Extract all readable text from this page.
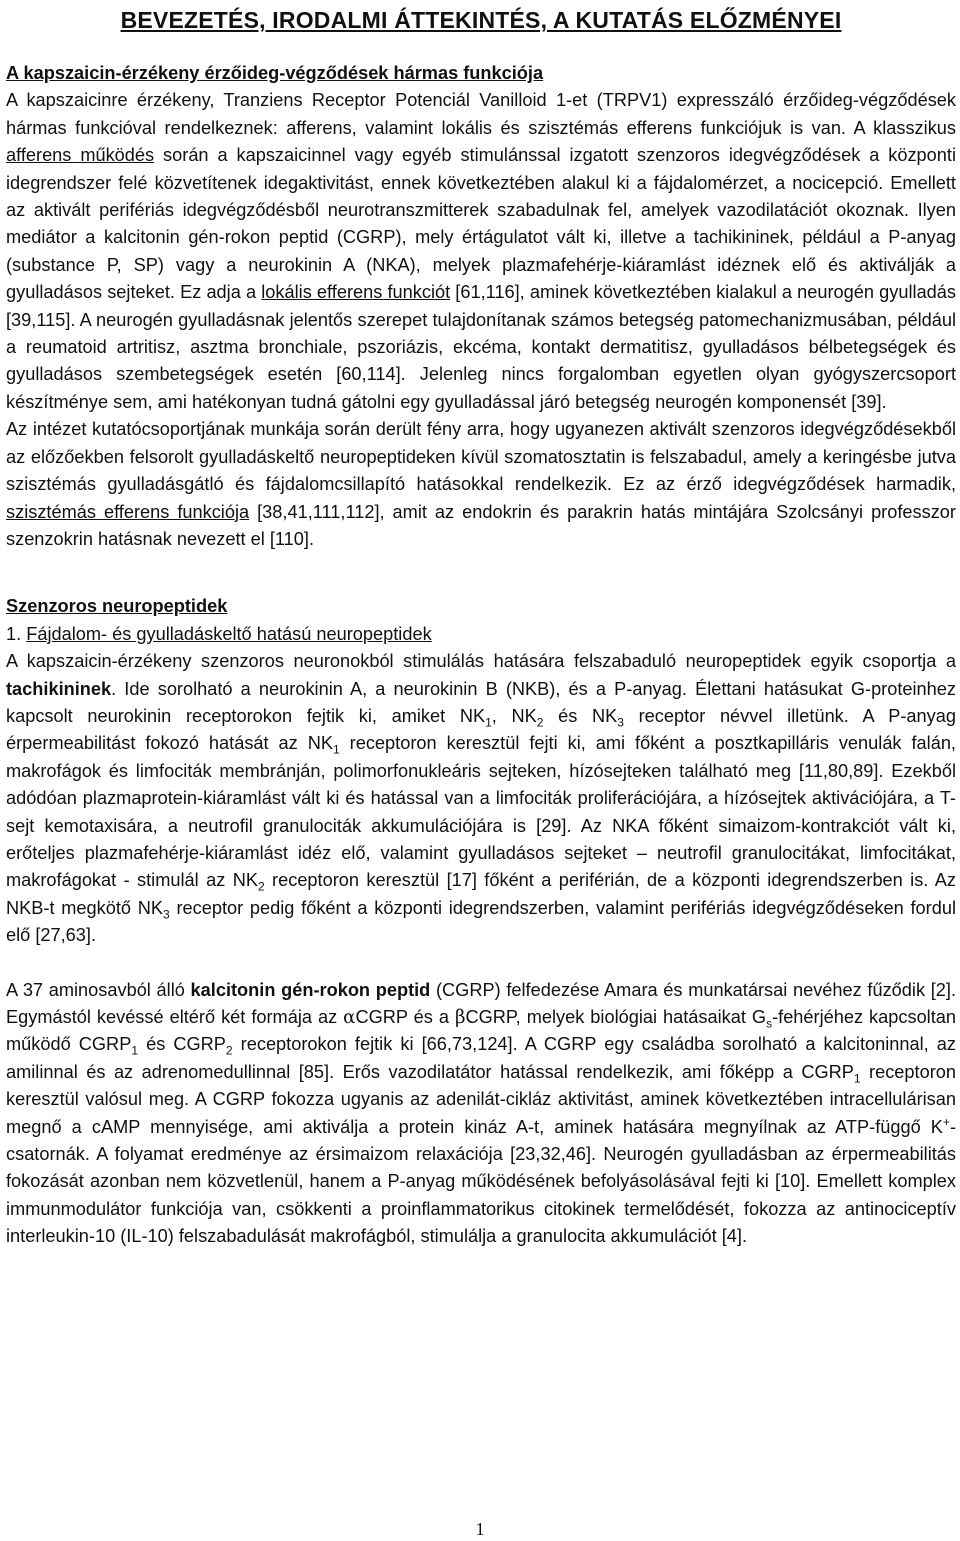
BEVEZETÉS, IRODALMI ÁTTEKINTÉS, A KUTATÁS ELŐZMÉNYEI
A kapszaicin-érzékeny érzőideg-végződések hármas funkciója

A kapszaicinre érzékeny, Tranziens Receptor Potenciál Vanilloid 1-et (TRPV1) expresszáló érzőideg-végződések hármas funkcióval rendelkeznek: afferens, valamint lokális és szisztémás efferens funkciójuk is van. A klasszikus afferens működés során a kapszaicinnel vagy egyéb stimulánssal izgatott szenzoros idegvégződések a központi idegrendszer felé közvetítenek idegaktivitást, ennek következtében alakul ki a fájdalomérzet, a nocicepció. Emellett az aktivált perifériás idegvégződésből neurotranszmitterek szabadulnak fel, amelyek vazodilatációt okoznak. Ilyen mediátor a kalcitonin gén-rokon peptid (CGRP), mely értágulatot vált ki, illetve a tachikininek, például a P-anyag (substance P, SP) vagy a neurokinin A (NKA), melyek plazmafehérje-kiáramlást idéznek elő és aktiválják a gyulladásos sejteket. Ez adja a lokális efferens funkciót [61,116], aminek következtében kialakul a neurogén gyulladás [39,115]. A neurogén gyulladásnak jelentős szerepet tulajdonítanak számos betegség patomechanizmusában, például a reumatoid artritisz, asztma bronchiale, pszoriázis, ekcéma, kontakt dermatitisz, gyulladásos bélbetegségek és gyulladásos szembetegségek esetén [60,114]. Jelenleg nincs forgalomban egyetlen olyan gyógyszercsoport készítménye sem, ami hatékonyan tudná gátolni egy gyulladással járó betegség neurogén komponensét [39].

Az intézet kutatócsoportjának munkája során derült fény arra, hogy ugyanezen aktivált szenzoros idegvégződésekből az előzőekben felsorolt gyulladáskeltő neuropeptideken kívül szomatosztatin is felszabadul, amely a keringésbe jutva szisztémás gyulladásgátló és fájdalomcsillapító hatásokkal rendelkezik. Ez az érző idegvégződések harmadik, szisztémás efferens funkciója [38,41,111,112], amit az endokrin és parakrin hatás mintájára Szolcsányi professzor szenzokrin hatásnak nevezett el [110].

Szenzoros neuropeptidek
1. Fájdalom- és gyulladáskeltő hatású neuropeptidek

A kapszaicin-érzékeny szenzoros neuronokból stimulálás hatására felszabaduló neuropeptidek egyik csoportja a tachikininek. Ide sorolható a neurokinin A, a neurokinin B (NKB), és a P-anyag. Élettani hatásukat G-proteinhez kapcsolt neurokinin receptorokon fejtik ki, amiket $NK_1$, $NK_2$ és $NK_3$ receptor névvel illetünk. A P-anyag érpermeabilitást fokozó hatását az $NK_1$ receptoron keresztül fejti ki, ami főként a posztkapilláris venulák falán, makrofágok és limfociták membránján, polimorfonukleáris sejteken, hízósejteken található meg [11,80,89]. Ezekből adódóan plazmaprotein-kiáramlást vált ki és hatással van a limfociták proliferációjára, a hízósejtek aktivációjára, a T-sejt kemotaxisára, a neutrofil granulociták akkumulációjára is [29]. Az NKA főként simaizom-kontrakciót vált ki, erőteljes plazmafehérje-kiáramlást idéz elő, valamint gyulladásos sejteket – neutrofil granulocitákat, limfocitákat, makrofágokat - stimulál az $NK_2$ receptoron keresztül [17] főként a periférián, de a központi idegrendszerben is. Az NKB-t megkötő $NK_3$ receptor pedig főként a központi idegrendszerben, valamint perifériás idegvégződéseken fordul elő [27,63].

A 37 aminosavból álló kalcitonin gén-rokon peptid (CGRP) felfedezése Amara és munkatársai nevéhez fűződik [2]. Egymástól kevéssé eltérő két formája az αCGRP és a βCGRP, melyek biológiai hatásaikat $G_s$-fehérjéhez kapcsoltan működő $CGRP_1$ és $CGRP_2$ receptorokon fejtik ki [66,73,124]. A CGRP egy családba sorolható a kalcitoninnal, az amilinnal és az adrenomedullinnal [85]. Erős vazodilatátor hatással rendelkezik, ami főképp a $CGRP_1$ receptoron keresztül valósul meg. A CGRP fokozza ugyanis az adenilát-cikláz aktivitást, aminek következtében intracellulárisan megnő a cAMP mennyisége, ami aktiválja a protein kináz A-t, aminek hatására megnyílnak az ATP-függő K+-csatornák. A folyamat eredménye az érsimaizom relaxációja [23,32,46]. Neurogén gyulladásban az érpermeabilitás fokozását azonban nem közvetlenül, hanem a P-anyag működésének befolyásolásával fejti ki [10]. Emellett komplex immunmodulátor funkciója van, csökkenti a proinflammatorikus citokinek termelődését, fokozza az antinociceptív interleukin-10 (IL-10) felszabadulását makrofágból, stimulálja a granulocita akkumulációt [4].

1
